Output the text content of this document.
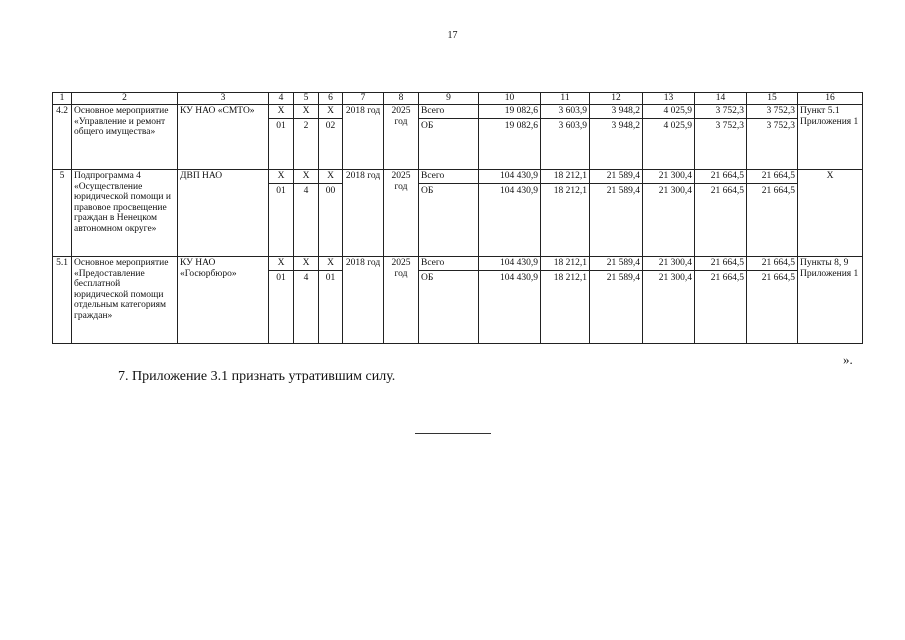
17
1	2	3	4	5	6	7	8	9	10	11	12	13	14	15	16
4.2	Основное мероприятие «Управление и ремонт общего имущества»	КУ НАО «СМТО»	X	X	X	2018 год	2025 год	Всего	19 082,6	3 603,9	3 948,2	4 025,9	3 752,3	3 752,3	Пункт 5.1 Приложения 1
			01	2	02			ОБ	19 082,6	3 603,9	3 948,2	4 025,9	3 752,3	3 752,3	
5	Подпрограмма 4 «Осуществление юридической помощи и правовое просвещение граждан в Ненецком автономном округе»	ДВП НАО	X	X	X	2018 год	2025 год	Всего	104 430,9	18 212,1	21 589,4	21 300,4	21 664,5	21 664,5	X
			01	4	00			ОБ	104 430,9	18 212,1	21 589,4	21 300,4	21 664,5	21 664,5	
5.1	Основное мероприятие «Предоставление бесплатной юридической помощи отдельным категориям граждан»	КУ НАО «Госюрбюро»	X	X	X	2018 год	2025 год	Всего	104 430,9	18 212,1	21 589,4	21 300,4	21 664,5	21 664,5	Пункты 8, 9 Приложения 1
			01	4	01			ОБ	104 430,9	18 212,1	21 589,4	21 300,4	21 664,5	21 664,5	
».
7. Приложение 3.1 признать утратившим силу.
